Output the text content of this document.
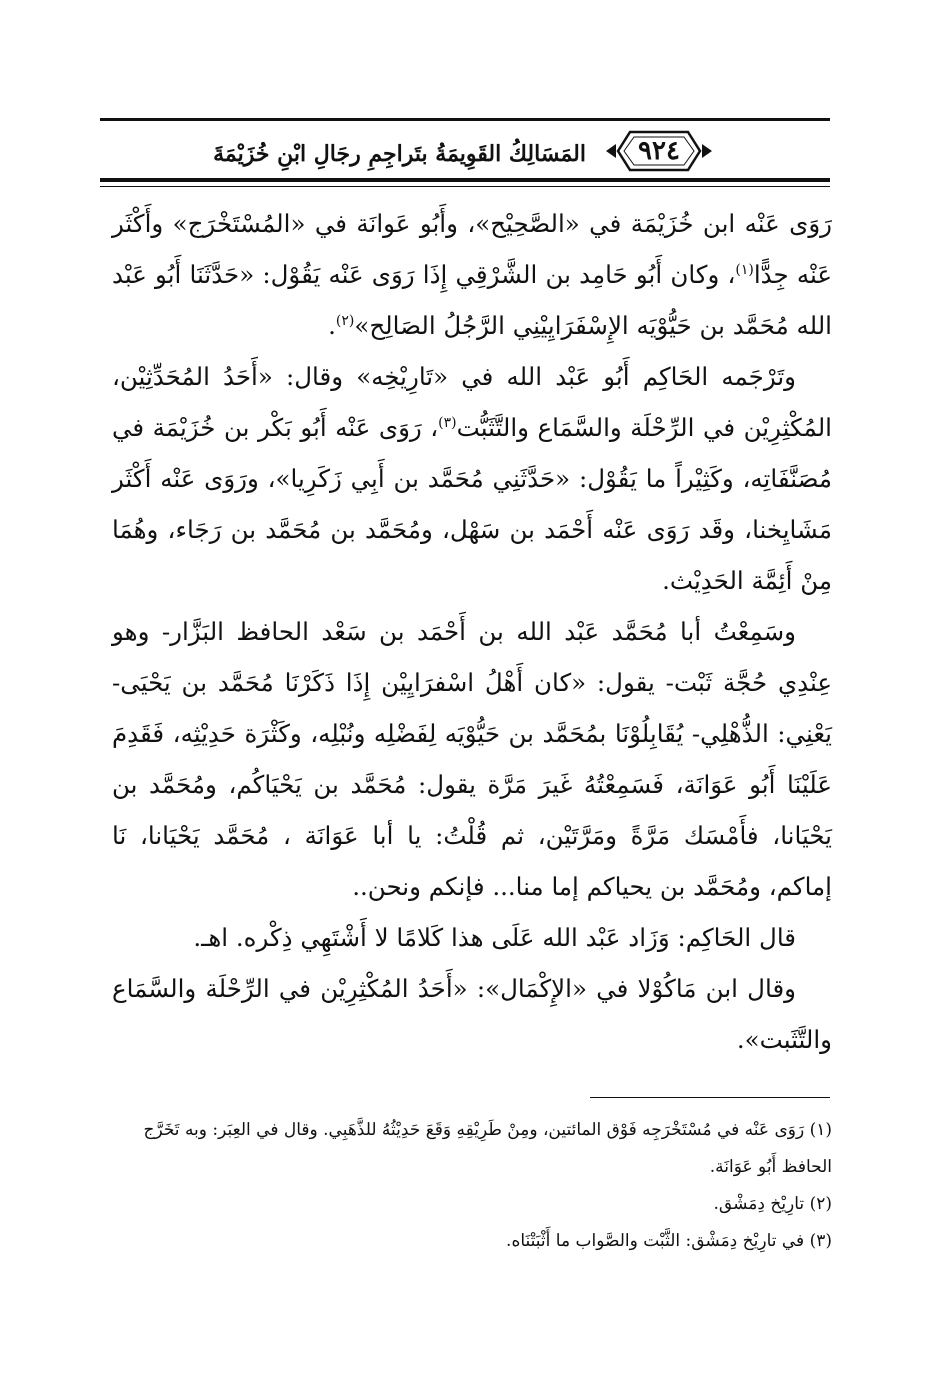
٩٢٤
المَسَالِكُ القَوِيمَةُ بتَراجِمِ رجَالِ ابْنِ خُزَيْمَةَ

رَوَى عَنْه ابن خُزَيْمَة في «الصَّحِيْح»، وأَبُو عَوانَة في «المُسْتَخْرَج» وأَكْثَر عَنْه جِدًّا$^{(١)}$، وكان أَبُو حَامِد بن الشَّرْقِي إِذَا رَوَى عَنْه يَقُوْل: «حَدَّثَنَا أَبُو عَبْد الله مُحَمَّد بن حَيُّوْيَه الإِسْفَرَايِيْنِي الرَّجُلُ الصَالِح»$^{(٢)}$.

وتَرْجَمه الحَاكِم أَبُو عَبْد الله في «تَارِيْخِه» وقال: «أَحَدُ المُحَدِّثِيْن، المُكْثِرِيْن في الرِّحْلَة والسَّمَاع والتَّثَبُّت$^{(٣)}$، رَوَى عَنْه أَبُو بَكْر بن خُزَيْمَة في مُصَنَّفَاتِه، وكَثِيْراً ما يَقُوْل: «حَدَّثَنِي مُحَمَّد بن أَبِي زَكَرِيا»، ورَوَى عَنْه أَكْثَر مَشَايِخنا، وقَد رَوَى عَنْه أَحْمَد بن سَهْل، ومُحَمَّد بن مُحَمَّد بن رَجَاء، وهُمَا مِنْ أَئِمَّة الحَدِيْث.

وسَمِعْتُ أبا مُحَمَّد عَبْد الله بن أَحْمَد بن سَعْد الحافظ البَزَّار- وهو عِنْدِي حُجَّة ثَبْت- يقول: «كان أَهْلُ اسْفرَايِيْن إِذَا ذَكَرْنَا مُحَمَّد بن يَحْيَى- يَعْنِي: الذُّهْلِي- يُقَابِلُوْنَا بمُحَمَّد بن حَيُّوْيَه لِفَضْلِه ونُبْلِه، وكَثْرَة حَدِيْثِه، فَقَدِمَ عَلَيْنَا أَبُو عَوَانَة، فَسَمِعْتُهُ غَيرَ مَرَّة يقول: مُحَمَّد بن يَحْيَاكُم، ومُحَمَّد بن يَحْيَانا، فأَمْسَك مَرَّةً ومَرَّتَيْن، ثم قُلْتُ: يا أبا عَوَانَة ، مُحَمَّد يَحْيَانا، نَا إماكم، ومُحَمَّد بن يحياكم إما منا... فإنكم ونحن..

قال الحَاكِم: وَزَاد عَبْد الله عَلَى هذا كَلامًا لا أَشْتَهِي ذِكْره. اهـ.

وقال ابن مَاكُوْلا في «الإِكْمَال»: «أَحَدُ المُكْثِرِيْن في الرِّحْلَة والسَّمَاع والتَّثَبت».

(١) رَوَى عَنْه في مُسْتَخْرَجِه فَوْق المائتين، ومِنْ طَرِيْقِهِ وَقَعَ حَدِيْثُهُ للذَّهَبِي. وقال في العِبَر: وبه تَخَرَّج الحافظ أَبُو عَوَانَة.
(٢) تارِيْخ دِمَشْق.
(٣) في تارِيْخ دِمَشْق: الثَّبْت والصَّواب ما أَثْبَتْنَاه.
